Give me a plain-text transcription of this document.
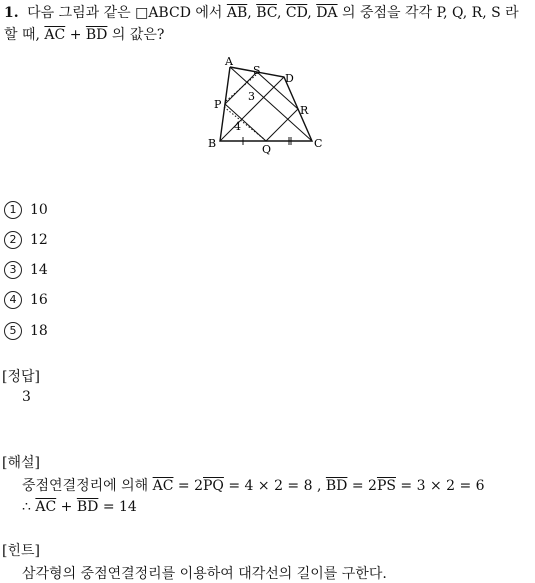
1. 다음 그림과 같은 □ABCD 에서 $\overline{AB}$, $\overline{BC}$, $\overline{CD}$, $\overline{DA}$ 의 중점을 각각 P, Q, R, S 라할 때, $\overline{AC} + \overline{BD}$ 의 값은?
A
B	C
D
P
Q
R
S
3
4
1 10
2 12
3 14
4 16
5 18
[정답]
3
[해설]
중점연결정리에 의해 $\overline{AC} = 2\overline{PQ} = 4 \times 2 = 8$ , $\overline{BD} = 2\overline{PS} = 3 \times 2 = 6$
∴ $\overline{AC} + \overline{BD} = 14$
[힌트]
삼각형의 중점연결정리를 이용하여 대각선의 길이를 구한다.
